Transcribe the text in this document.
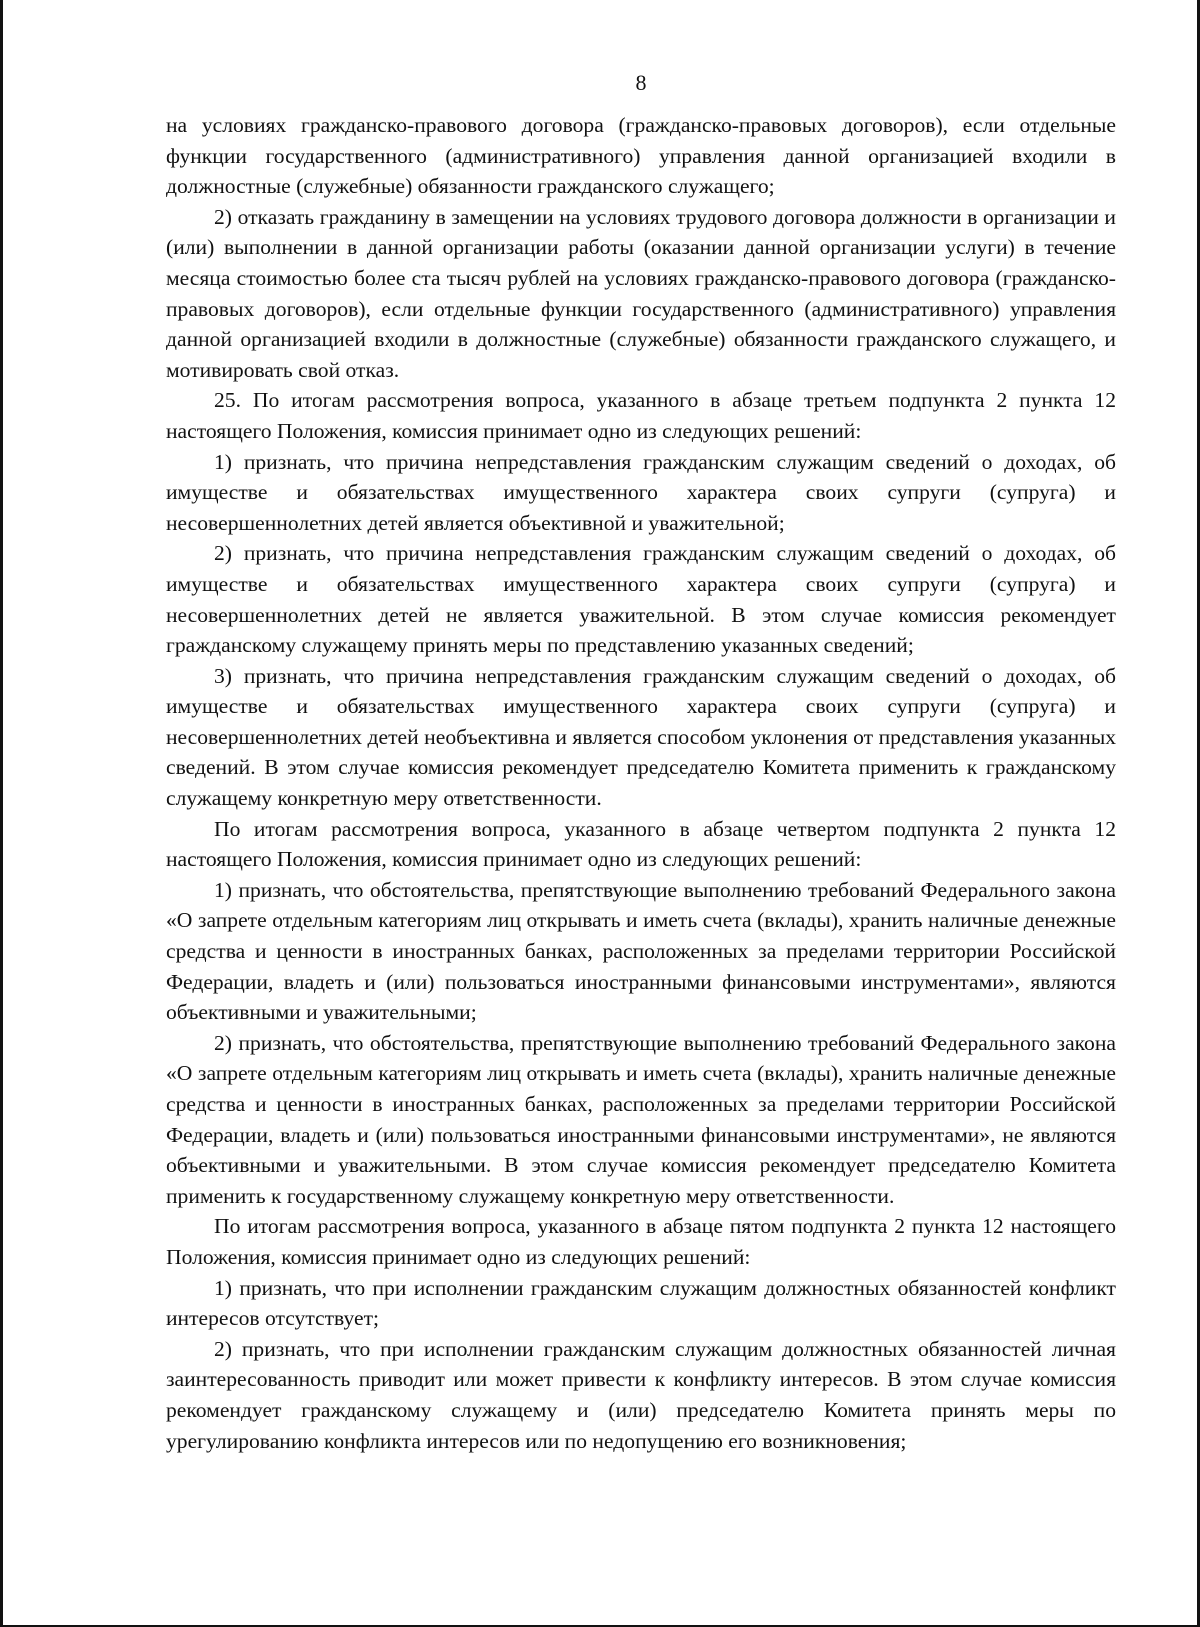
8

на условиях гражданско-правового договора (гражданско-правовых договоров), если отдельные функции государственного (административного) управления данной организацией входили в должностные (служебные) обязанности гражданского служащего;

2) отказать гражданину в замещении на условиях трудового договора должности в организации и (или) выполнении в данной организации работы (оказании данной организации услуги) в течение месяца стоимостью более ста тысяч рублей на условиях гражданско-правового договора (гражданско-правовых договоров), если отдельные функции государственного (административного) управления данной организацией входили в должностные (служебные) обязанности гражданского служащего, и мотивировать свой отказ.

25. По итогам рассмотрения вопроса, указанного в абзаце третьем подпункта 2 пункта 12 настоящего Положения, комиссия принимает одно из следующих решений:

1) признать, что причина непредставления гражданским служащим сведений о доходах, об имуществе и обязательствах имущественного характера своих супруги (супруга) и несовершеннолетних детей является объективной и уважительной;

2) признать, что причина непредставления гражданским служащим сведений о доходах, об имуществе и обязательствах имущественного характера своих супруги (супруга) и несовершеннолетних детей не является уважительной. В этом случае комиссия рекомендует гражданскому служащему принять меры по представлению указанных сведений;

3) признать, что причина непредставления гражданским служащим сведений о доходах, об имуществе и обязательствах имущественного характера своих супруги (супруга) и несовершеннолетних детей необъективна и является способом уклонения от представления указанных сведений. В этом случае комиссия рекомендует председателю Комитета применить к гражданскому служащему конкретную меру ответственности.

По итогам рассмотрения вопроса, указанного в абзаце четвертом подпункта 2 пункта 12 настоящего Положения, комиссия принимает одно из следующих решений:

1) признать, что обстоятельства, препятствующие выполнению требований Федерального закона «О запрете отдельным категориям лиц открывать и иметь счета (вклады), хранить наличные денежные средства и ценности в иностранных банках, расположенных за пределами территории Российской Федерации, владеть и (или) пользоваться иностранными финансовыми инструментами», являются объективными и уважительными;

2) признать, что обстоятельства, препятствующие выполнению требований Федерального закона «О запрете отдельным категориям лиц открывать и иметь счета (вклады), хранить наличные денежные средства и ценности в иностранных банках, расположенных за пределами территории Российской Федерации, владеть и (или) пользоваться иностранными финансовыми инструментами», не являются объективными и уважительными. В этом случае комиссия рекомендует председателю Комитета применить к государственному служащему конкретную меру ответственности.

По итогам рассмотрения вопроса, указанного в абзаце пятом подпункта 2 пункта 12 настоящего Положения, комиссия принимает одно из следующих решений:

1) признать, что при исполнении гражданским служащим должностных обязанностей конфликт интересов отсутствует;

2) признать, что при исполнении гражданским служащим должностных обязанностей личная заинтересованность приводит или может привести к конфликту интересов. В этом случае комиссия рекомендует гражданскому служащему и (или) председателю Комитета принять меры по урегулированию конфликта интересов или по недопущению его возникновения;
